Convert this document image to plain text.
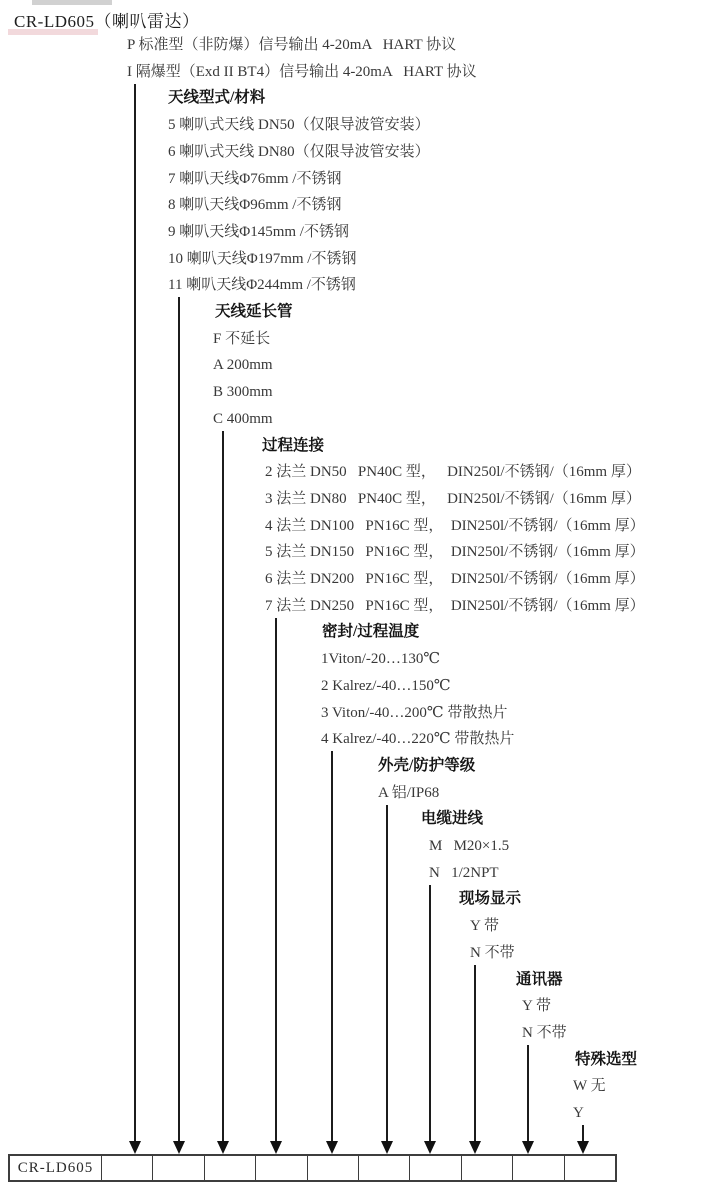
CR-LD605（喇叭雷达）
P 标准型（非防爆）信号输出 4-20mA   HART 协议
I 隔爆型（Exd II BT4）信号输出 4-20mA   HART 协议
天线型式/材料
5 喇叭式天线 DN50（仅限导波管安装）
6 喇叭式天线 DN80（仅限导波管安装）
7 喇叭天线Φ76mm /不锈钢
8 喇叭天线Φ96mm /不锈钢
9 喇叭天线Φ145mm /不锈钢
10 喇叭天线Φ197mm /不锈钢
11 喇叭天线Φ244mm /不锈钢
天线延长管
F 不延长
A 200mm
B 300mm
C 400mm
过程连接
2 法兰 DN50   PN40C 型，   DIN250l/不锈钢/（16mm 厚）
3 法兰 DN80   PN40C 型，   DIN250l/不锈钢/（16mm 厚）
4 法兰 DN100   PN16C 型，  DIN250l/不锈钢/（16mm 厚）
5 法兰 DN150   PN16C 型，  DIN250l/不锈钢/（16mm 厚）
6 法兰 DN200   PN16C 型，  DIN250l/不锈钢/（16mm 厚）
7 法兰 DN250   PN16C 型，  DIN250l/不锈钢/（16mm 厚）
密封/过程温度
1Viton/-20…130℃
2 Kalrez/-40…150℃
3 Viton/-40…200℃ 带散热片
4 Kalrez/-40…220℃ 带散热片
外壳/防护等级
A 铝/IP68
电缆进线
M   M20×1.5
N   1/2NPT
现场显示
Y 带
N 不带
通讯器
Y 带
N 不带
特殊选型
W 无
Y
CR-LD605
